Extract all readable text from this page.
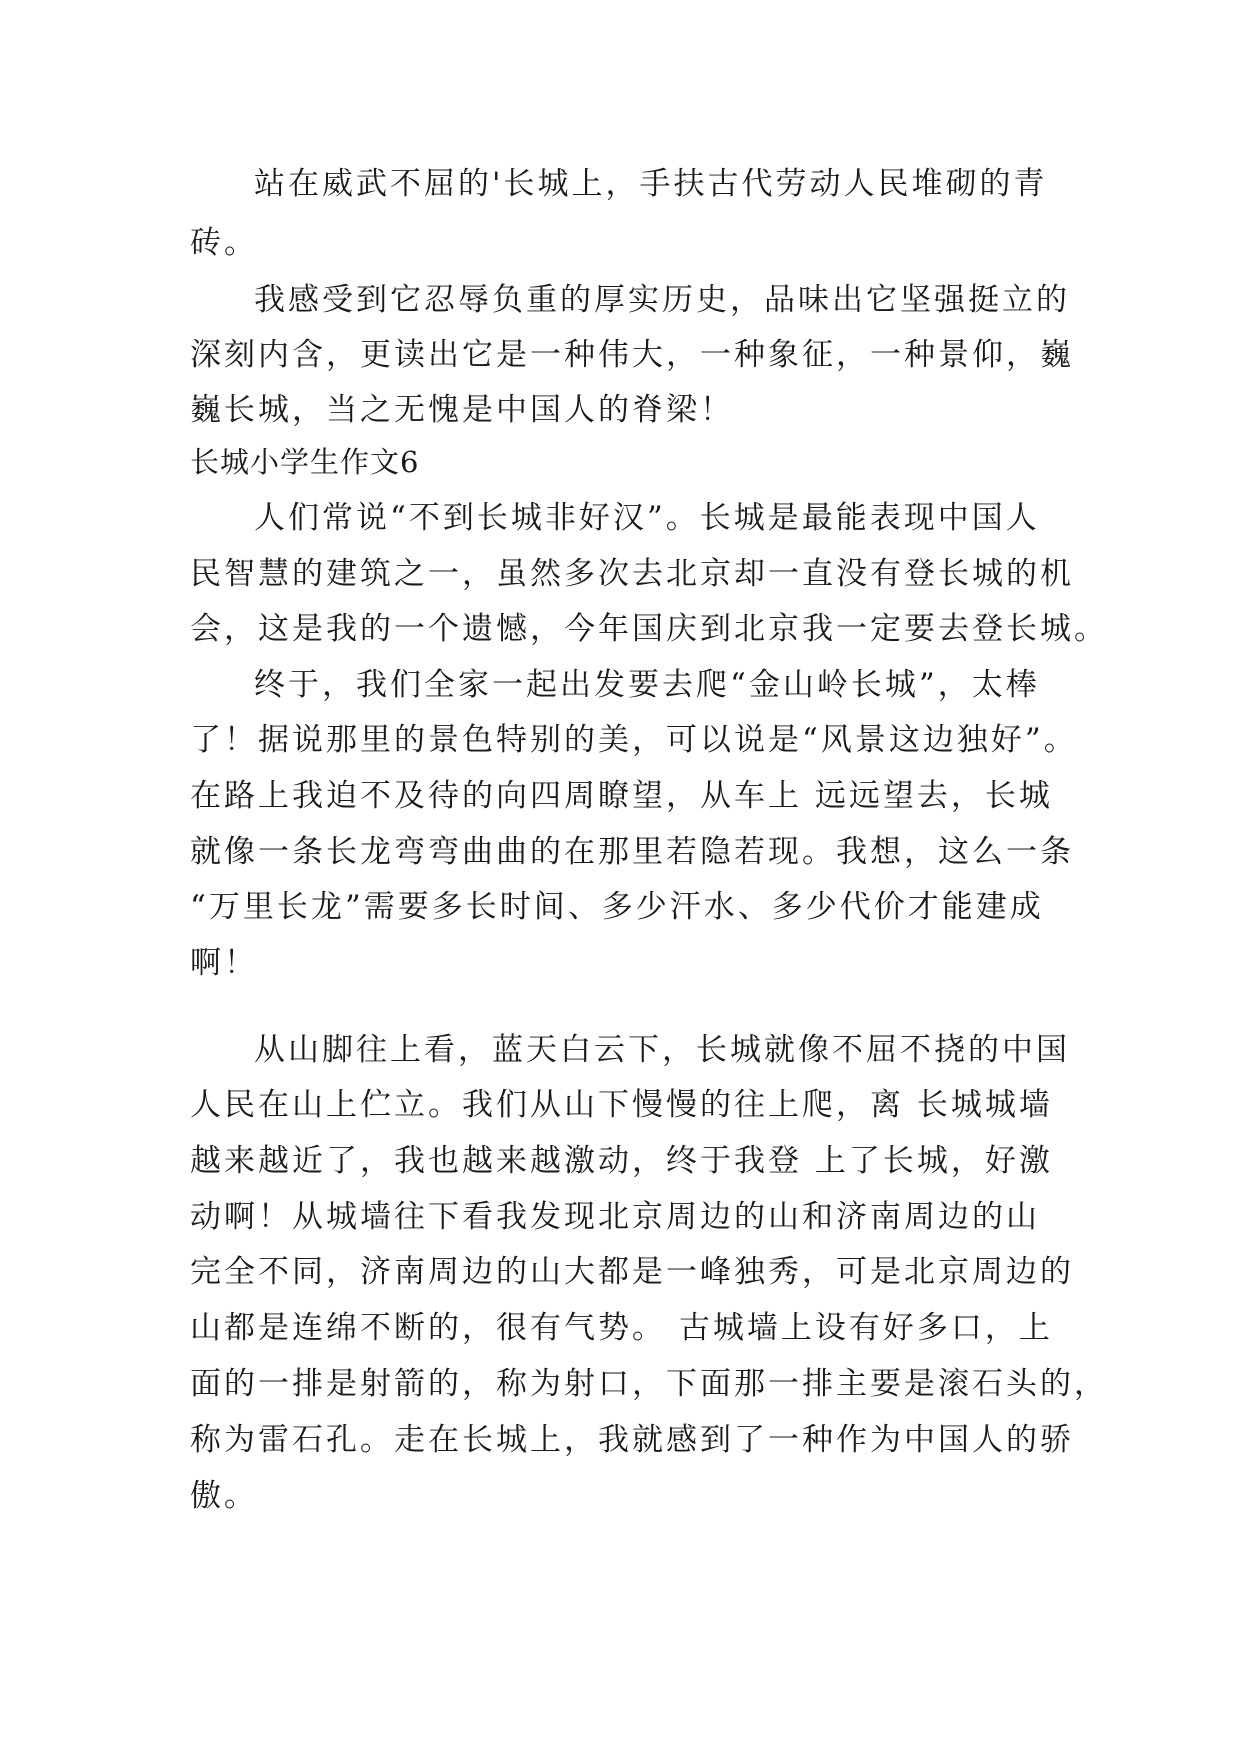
站在威武不屈的'长城上，手扶古代劳动人民堆砌的青
砖。
我感受到它忍辱负重的厚实历史，品味出它坚强挺立的
深刻内含，更读出它是一种伟大，一种象征，一种景仰，巍
巍长城，当之无愧是中国人的脊梁！
长城小学生作文6
人们常说“不到长城非好汉”。长城是最能表现中国人
民智慧的建筑之一，虽然多次去北京却一直没有登长城的机
会，这是我的一个遗憾，今年国庆到北京我一定要去登长城。
终于，我们全家一起出发要去爬“金山岭长城”，太棒
了！据说那里的景色特别的美，可以说是“风景这边独好”。
在路上我迫不及待的向四周瞭望，从车上 远远望去，长城
就像一条长龙弯弯曲曲的在那里若隐若现。我想，这么一条
“万里长龙”需要多长时间、多少汗水、多少代价才能建成
啊！
从山脚往上看，蓝天白云下，长城就像不屈不挠的中国
人民在山上伫立。我们从山下慢慢的往上爬，离 长城城墙
越来越近了，我也越来越激动，终于我登 上了长城，好激
动啊！从城墙往下看我发现北京周边的山和济南周边的山
完全不同，济南周边的山大都是一峰独秀，可是北京周边的
山都是连绵不断的，很有气势。 古城墙上设有好多口，上
面的一排是射箭的，称为射口，下面那一排主要是滚石头的，
称为雷石孔。走在长城上，我就感到了一种作为中国人的骄
傲。
